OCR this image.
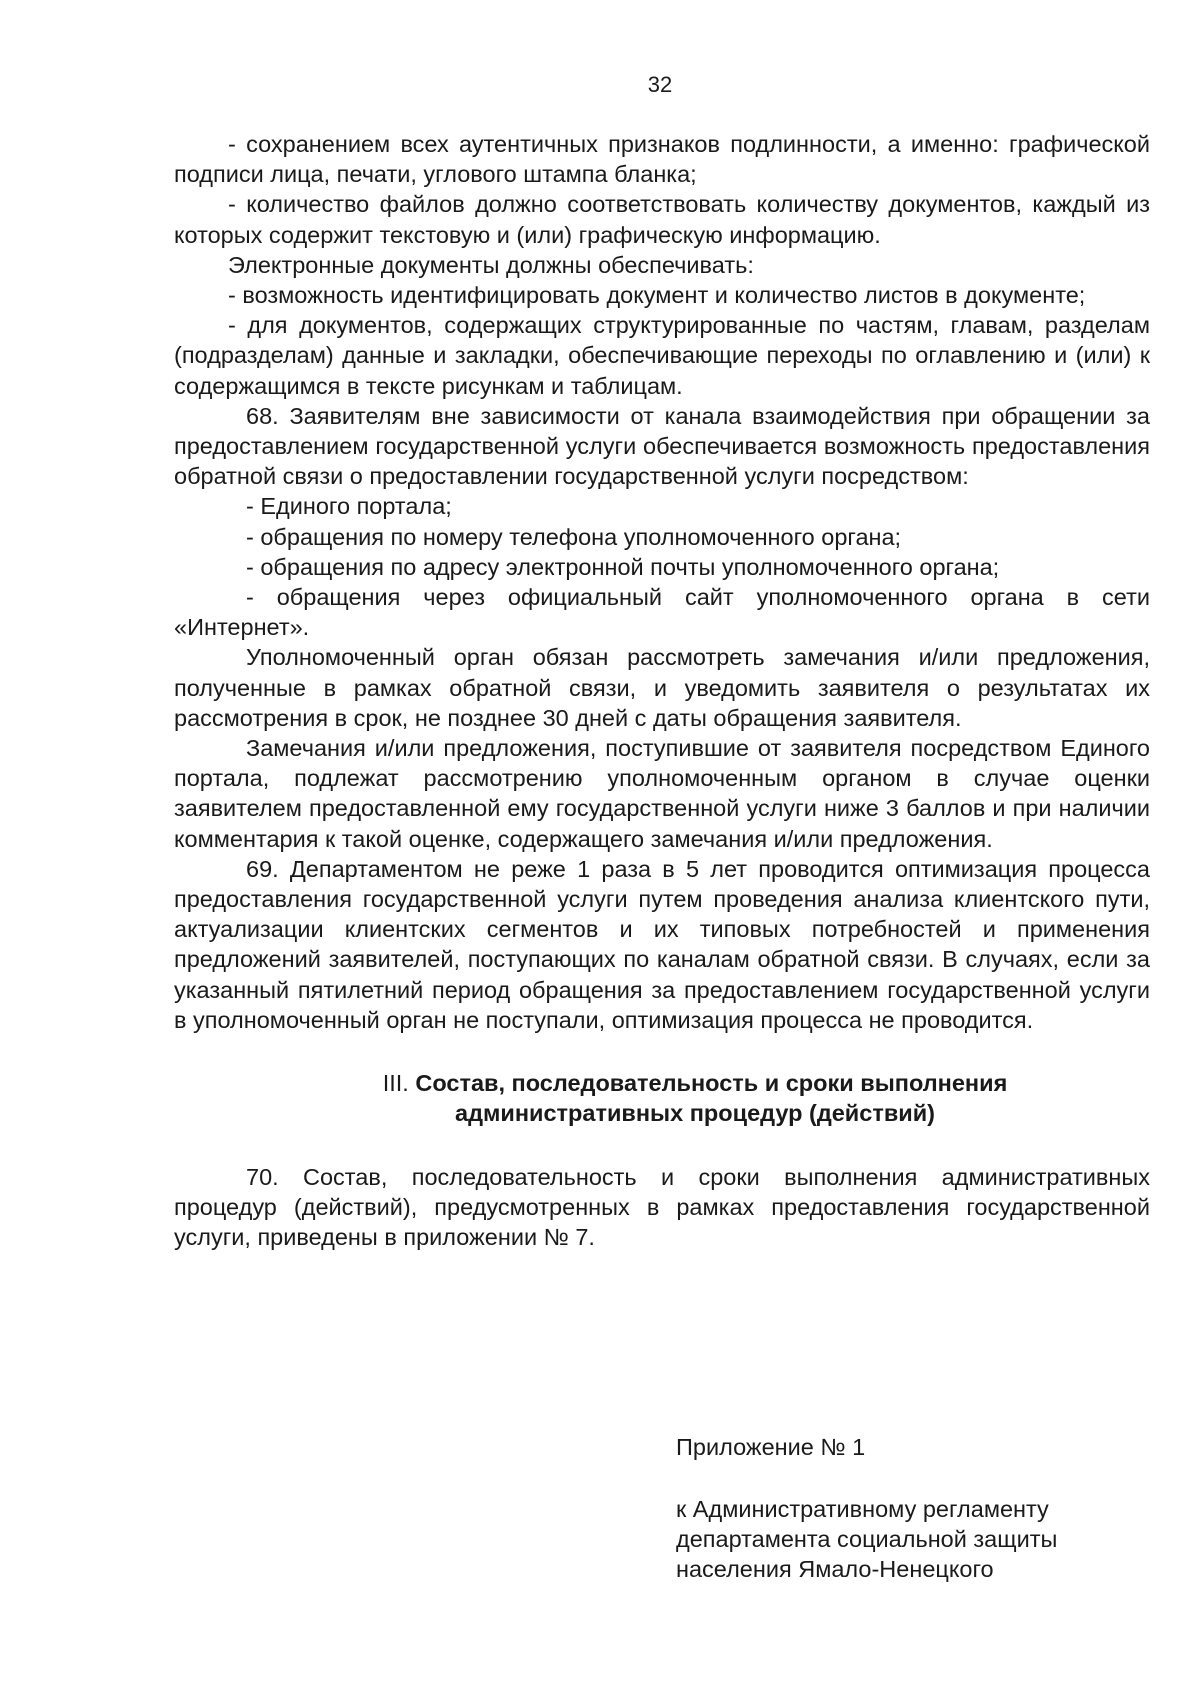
32

- сохранением всех аутентичных признаков подлинности, а именно: графической подписи лица, печати, углового штампа бланка;

- количество файлов должно соответствовать количеству документов, каждый из которых содержит текстовую и (или) графическую информацию.

Электронные документы должны обеспечивать:

- возможность идентифицировать документ и количество листов в документе;

- для документов, содержащих структурированные по частям, главам, разделам (подразделам) данные и закладки, обеспечивающие переходы по оглавлению и (или) к содержащимся в тексте рисункам и таблицам.

68. Заявителям вне зависимости от канала взаимодействия при обращении за предоставлением государственной услуги обеспечивается возможность предоставления обратной связи о предоставлении государственной услуги посредством:

- Единого портала;

- обращения по номеру телефона уполномоченного органа;

- обращения по адресу электронной почты уполномоченного органа;

- обращения через официальный сайт уполномоченного органа в сети «Интернет».

Уполномоченный орган обязан рассмотреть замечания и/или предложения, полученные в рамках обратной связи, и уведомить заявителя о результатах их рассмотрения в срок, не позднее 30 дней с даты обращения заявителя.

Замечания и/или предложения, поступившие от заявителя посредством Единого портала, подлежат рассмотрению уполномоченным органом в случае оценки заявителем предоставленной ему государственной услуги ниже 3 баллов и при наличии комментария к такой оценке, содержащего замечания и/или предложения.

69. Департаментом не реже 1 раза в 5 лет проводится оптимизация процесса предоставления государственной услуги путем проведения анализа клиентского пути, актуализации клиентских сегментов и их типовых потребностей и применения предложений заявителей, поступающих по каналам обратной связи. В случаях, если за указанный пятилетний период обращения за предоставлением государственной услуги в уполномоченный орган не поступали, оптимизация процесса не проводится.

III. Состав, последовательность и сроки выполнения
административных процедур (действий)

70. Состав, последовательность и сроки выполнения административных процедур (действий), предусмотренных в рамках предоставления государственной услуги, приведены в приложении № 7.

Приложение № 1
к Административному регламенту
департамента социальной защиты
населения Ямало-Ненецкого
